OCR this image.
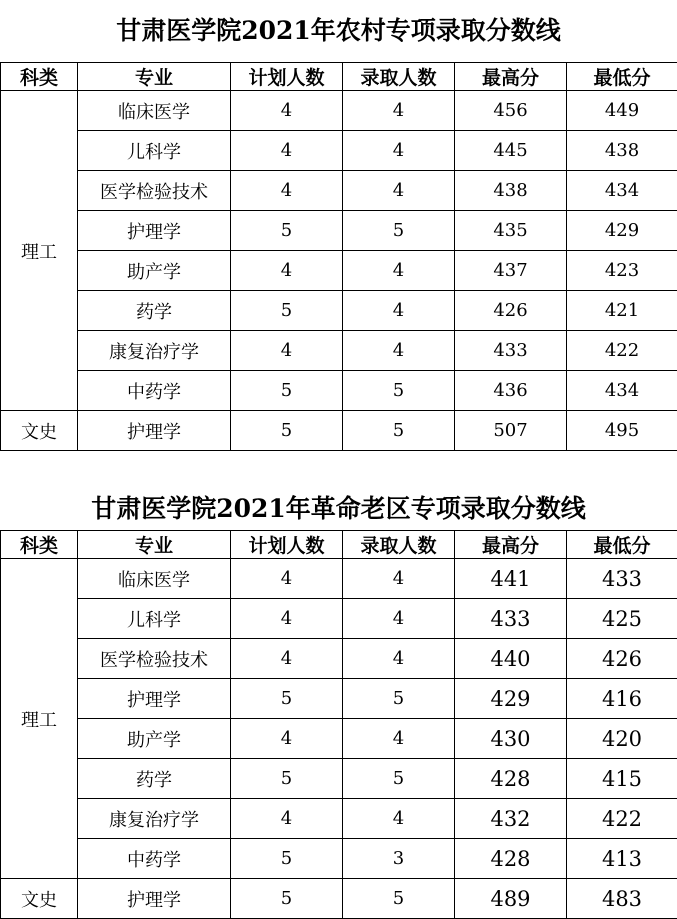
甘肃医学院2021年农村专项录取分数线
科类	专业	计划人数	录取人数	最高分	最低分
理工	临床医学	4	4	456	449
	儿科学	4	4	445	438
	医学检验技术	4	4	438	434
	护理学	5	5	435	429
	助产学	4	4	437	423
	药学	5	4	426	421
	康复治疗学	4	4	433	422
	中药学	5	5	436	434
文史	护理学	5	5	507	495
甘肃医学院2021年革命老区专项录取分数线
科类	专业	计划人数	录取人数	最高分	最低分
理工	临床医学	4	4	441	433
	儿科学	4	4	433	425
	医学检验技术	4	4	440	426
	护理学	5	5	429	416
	助产学	4	4	430	420
	药学	5	5	428	415
	康复治疗学	4	4	432	422
	中药学	5	3	428	413
文史	护理学	5	5	489	483
